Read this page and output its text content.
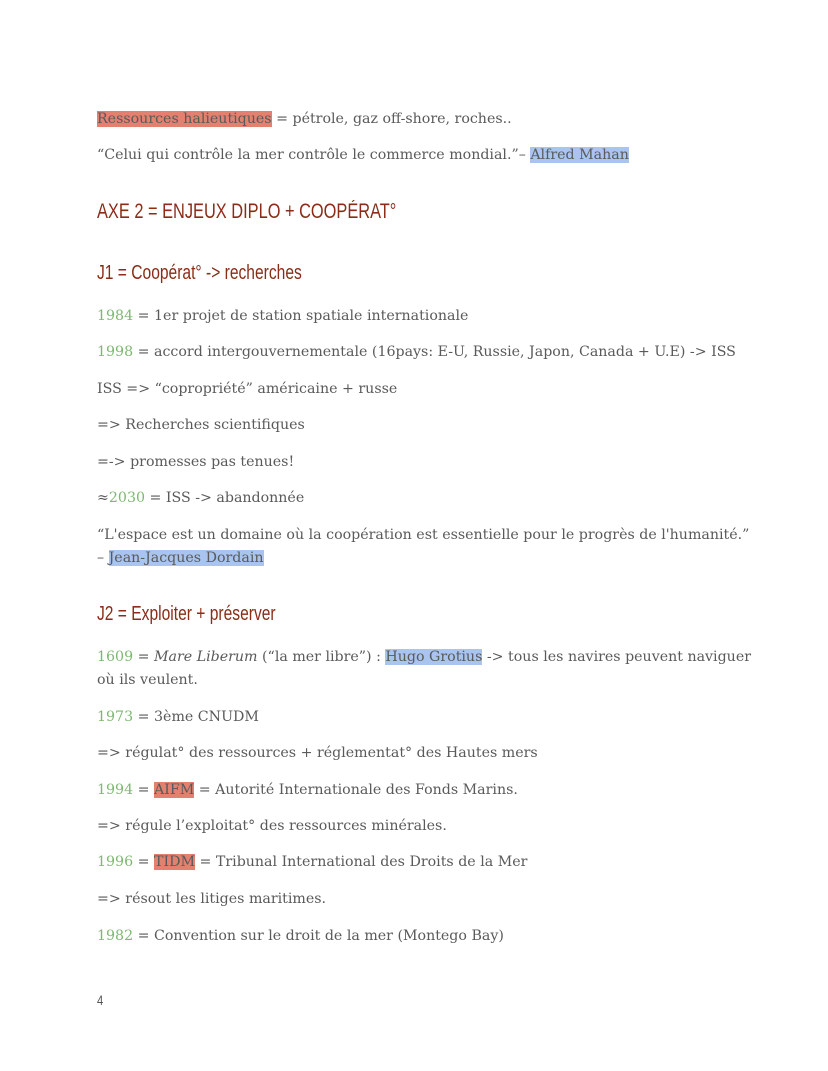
Ressources halieutiques = pétrole, gaz off-shore, roches..
“Celui qui contrôle la mer contrôle le commerce mondial.”– Alfred Mahan
AXE 2 = ENJEUX DIPLO + COOPÉRAT°
J1 = Coopérat° -> recherches
1984 = 1er projet de station spatiale internationale
1998 = accord intergouvernementale (16pays: E-U, Russie, Japon, Canada + U.E) -> ISS
ISS => “copropriété” américaine + russe
=> Recherches scientifiques
=-> promesses pas tenues!
≈2030 = ISS -> abandonnée
“L'espace est un domaine où la coopération est essentielle pour le progrès de l'humanité.”
– Jean-Jacques Dordain
J2 = Exploiter + préserver
1609 = Mare Liberum (“la mer libre”) : Hugo Grotius -> tous les navires peuvent naviguer
où ils veulent.
1973 = 3ème CNUDM
=> régulat° des ressources + réglementat° des Hautes mers
1994 = AIFM = Autorité Internationale des Fonds Marins.
=> régule l’exploitat° des ressources minérales.
1996 = TIDM = Tribunal International des Droits de la Mer
=> résout les litiges maritimes.
1982 = Convention sur le droit de la mer (Montego Bay)
4
